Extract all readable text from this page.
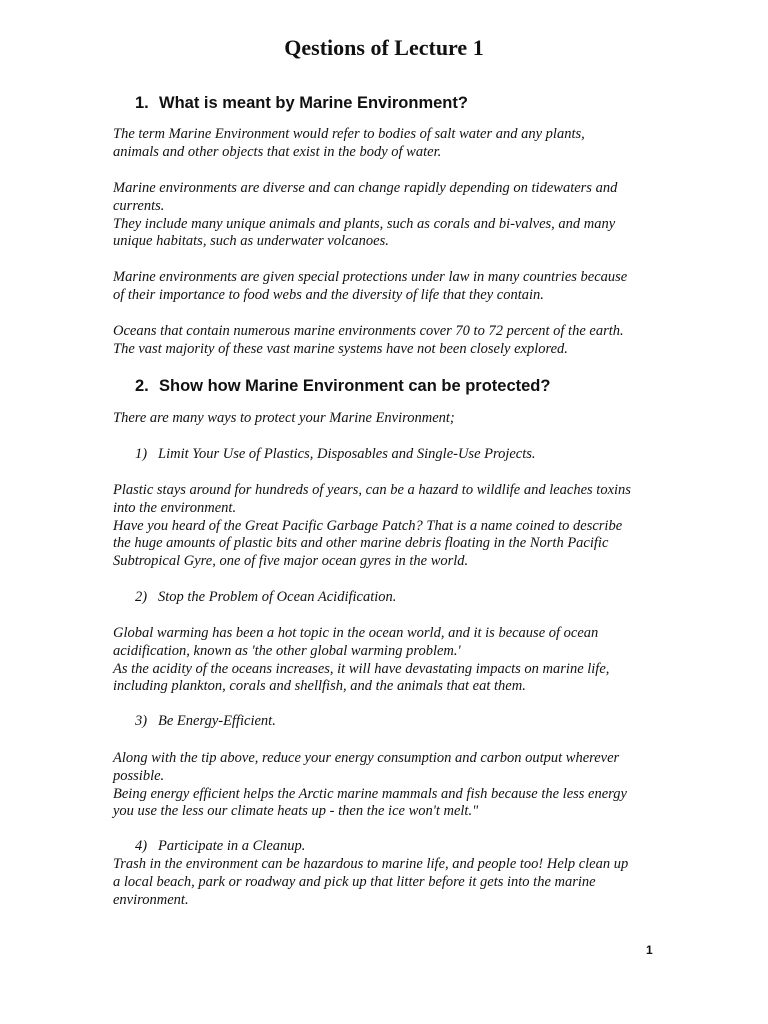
Qestions of Lecture 1
1. What is meant by Marine Environment?
The term Marine Environment would refer to bodies of salt water and any plants,
animals and other objects that exist in the body of water.
Marine environments are diverse and can change rapidly depending on tidewaters and
currents.
They include many unique animals and plants, such as corals and bi-valves, and many
unique habitats, such as underwater volcanoes.
Marine environments are given special protections under law in many countries because
of their importance to food webs and the diversity of life that they contain.
Oceans that contain numerous marine environments cover 70 to 72 percent of the earth.
The vast majority of these vast marine systems have not been closely explored.
2. Show how Marine Environment can be protected?
There are many ways to protect your Marine Environment;
1) Limit Your Use of Plastics, Disposables and Single-Use Projects.
Plastic stays around for hundreds of years, can be a hazard to wildlife and leaches toxins
into the environment.
Have you heard of the Great Pacific Garbage Patch? That is a name coined to describe
the huge amounts of plastic bits and other marine debris floating in the North Pacific
Subtropical Gyre, one of five major ocean gyres in the world.
2) Stop the Problem of Ocean Acidification.
Global warming has been a hot topic in the ocean world, and it is because of ocean
acidification, known as 'the other global warming problem.'
As the acidity of the oceans increases, it will have devastating impacts on marine life,
including plankton, corals and shellfish, and the animals that eat them.
3) Be Energy-Efficient.
Along with the tip above, reduce your energy consumption and carbon output wherever
possible.
Being energy efficient helps the Arctic marine mammals and fish because the less energy
you use the less our climate heats up - then the ice won't melt."
4) Participate in a Cleanup.
Trash in the environment can be hazardous to marine life, and people too! Help clean up
a local beach, park or roadway and pick up that litter before it gets into the marine
environment.
1
